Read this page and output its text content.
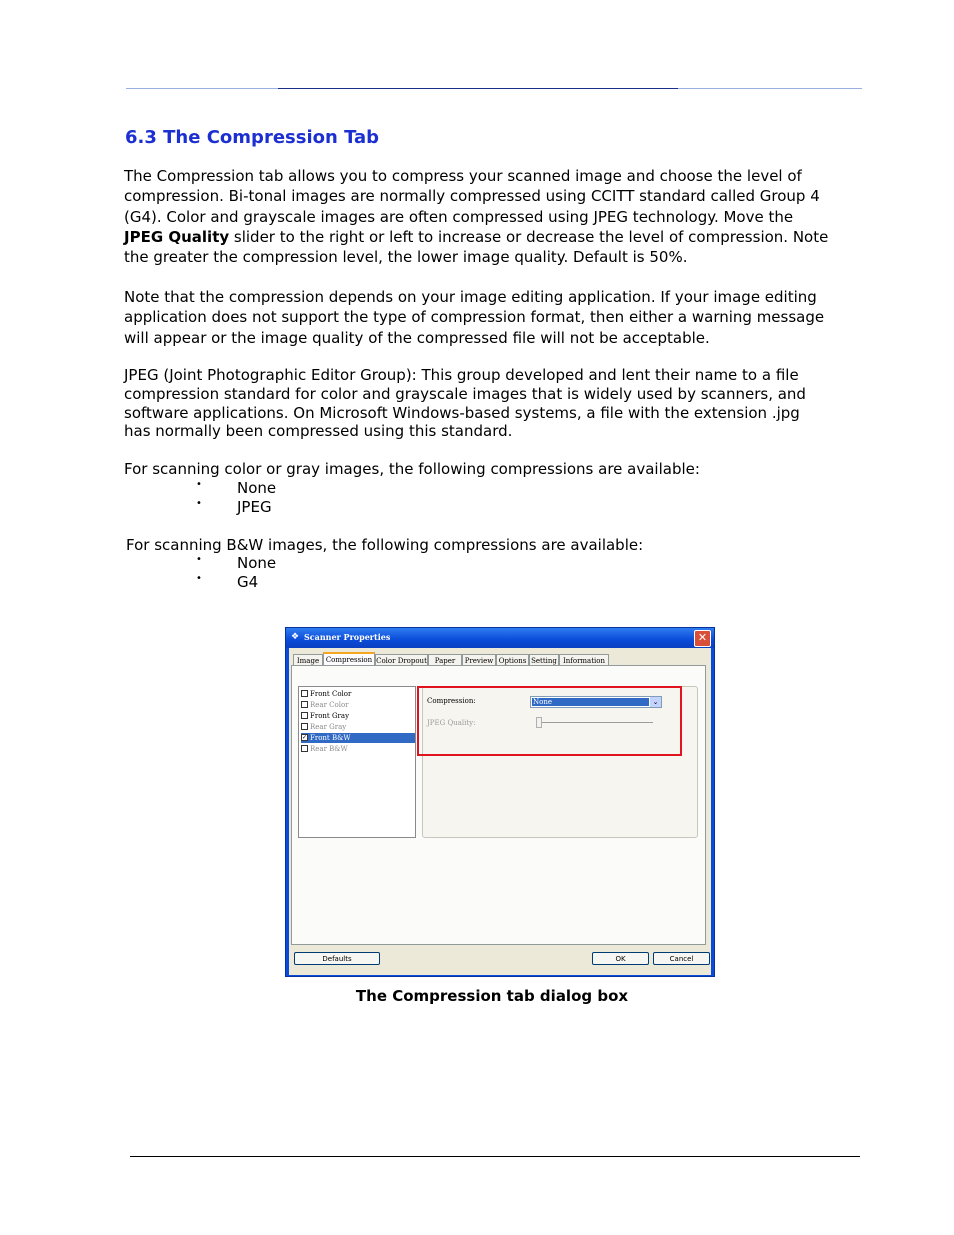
6.3 The Compression Tab
The Compression tab allows you to compress your scanned image and choose the level of
compression. Bi-tonal images are normally compressed using CCITT standard called Group 4
(G4). Color and grayscale images are often compressed using JPEG technology. Move the
JPEG Quality slider to the right or left to increase or decrease the level of compression. Note
the greater the compression level, the lower image quality. Default is 50%.
Note that the compression depends on your image editing application. If your image editing
application does not support the type of compression format, then either a warning message
will appear or the image quality of the compressed file will not be acceptable.
JPEG (Joint Photographic Editor Group): This group developed and lent their name to a file
compression standard for color and grayscale images that is widely used by scanners, and
software applications. On Microsoft Windows-based systems, a file with the extension .jpg
has normally been compressed using this standard.
For scanning color or gray images, the following compressions are available:
• None
• JPEG
For scanning B&W images, the following compressions are available:
• None
• G4
❖ Scanner Properties	✕
Image Compression Color Dropout	Paper	Preview Options Setting Information
Front Color
Rear Color
Front Gray
Rear Gray
✓ Front B&W
Rear B&W
Compression:	None	⌄
JPEG Quality:
Defaults	OK	Cancel
The Compression tab dialog box
